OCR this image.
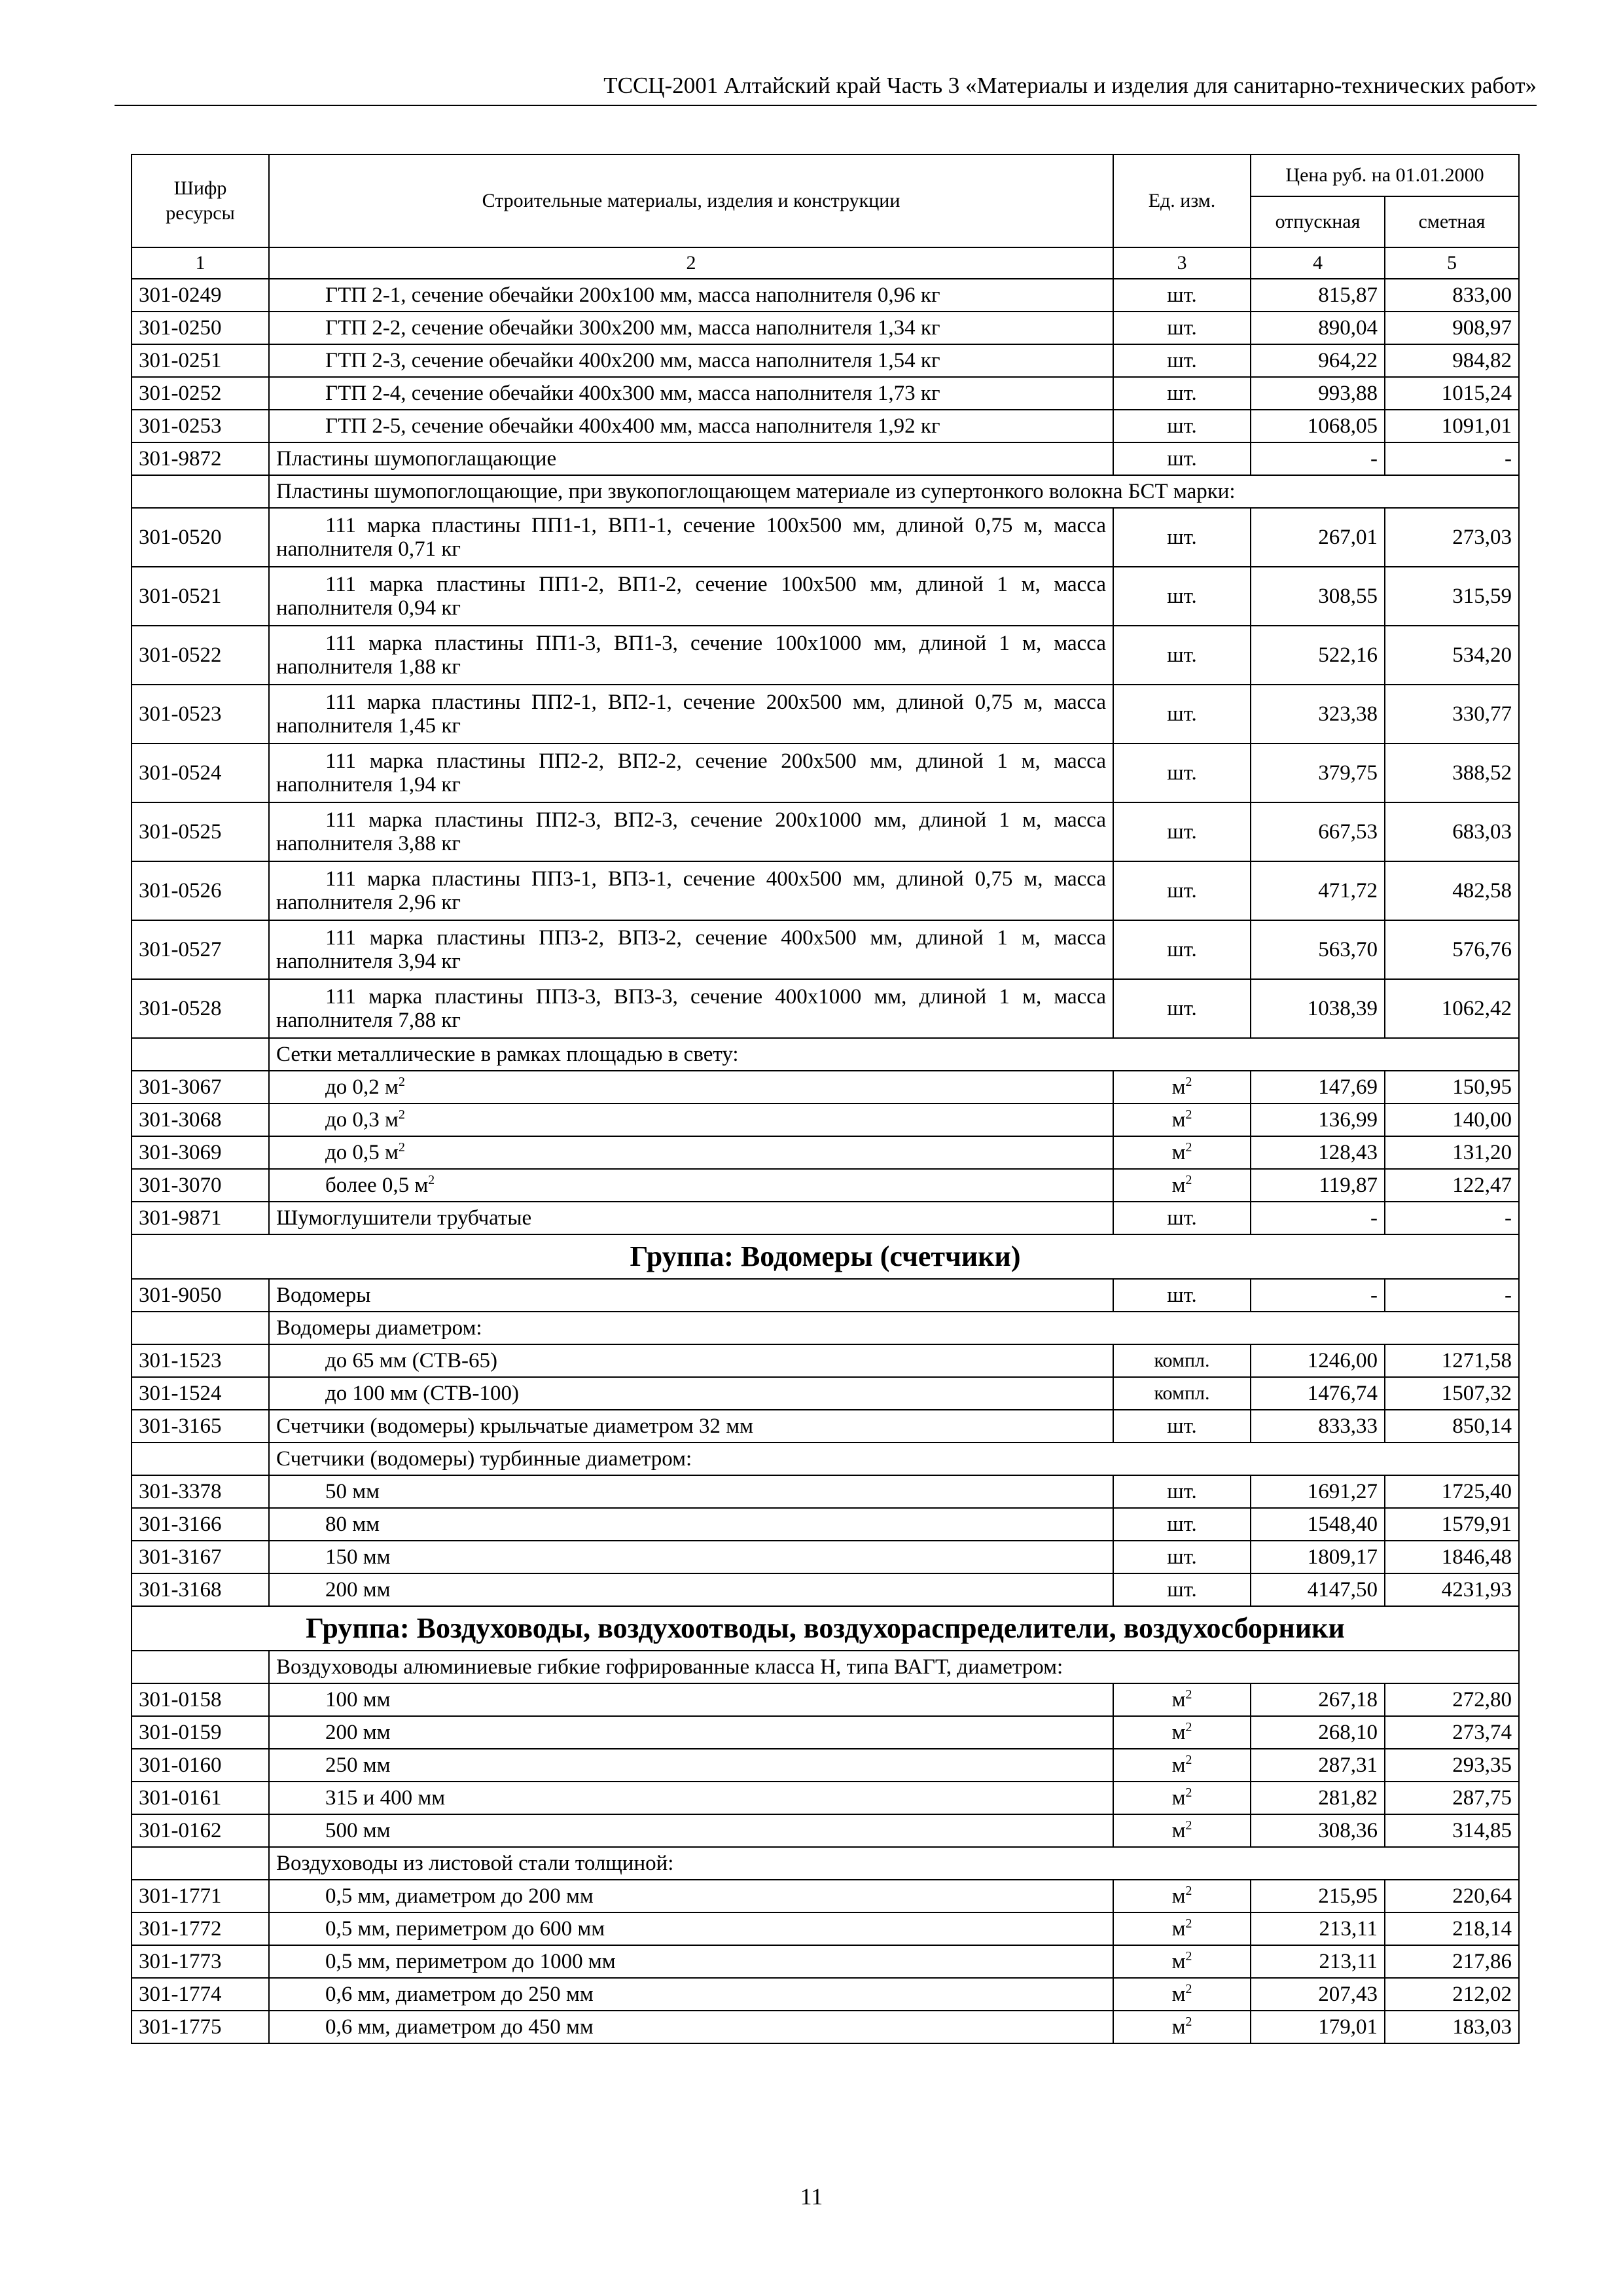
ТССЦ-2001 Алтайский край Часть 3 «Материалы и изделия для санитарно-технических работ»
Шифр ресурсы	Строительные материалы, изделия и конструкции	Ед. изм.	Цена руб. на 01.01.2000	
			отпускная	сметная
1	2	3	4	5
301-0249	ГТП 2-1, сечение обечайки 200х100 мм, масса наполнителя 0,96 кг	шт.	815,87	833,00
301-0250	ГТП 2-2, сечение обечайки 300х200 мм, масса наполнителя 1,34 кг	шт.	890,04	908,97
301-0251	ГТП 2-3, сечение обечайки 400х200 мм, масса наполнителя 1,54 кг	шт.	964,22	984,82
301-0252	ГТП 2-4, сечение обечайки 400х300 мм, масса наполнителя 1,73 кг	шт.	993,88	1015,24
301-0253	ГТП 2-5, сечение обечайки 400х400 мм, масса наполнителя 1,92 кг	шт.	1068,05	1091,01
301-9872	Пластины шумопоглащающие	шт.	-	-
	Пластины шумопоглощающие, при звукопоглощающем материале из супертонкого волокна БСТ марки:			
301-0520	111 марка пластины ПП1-1, ВП1-1, сечение 100х500 мм, длиной 0,75 м, масса наполнителя 0,71 кг	шт.	267,01	273,03
301-0521	111 марка пластины ПП1-2, ВП1-2, сечение 100х500 мм, длиной 1 м, масса наполнителя 0,94 кг	шт.	308,55	315,59
301-0522	111 марка пластины ПП1-3, ВП1-3, сечение 100х1000 мм, длиной 1 м, масса наполнителя 1,88 кг	шт.	522,16	534,20
301-0523	111 марка пластины ПП2-1, ВП2-1, сечение 200х500 мм, длиной 0,75 м, масса наполнителя 1,45 кг	шт.	323,38	330,77
301-0524	111 марка пластины ПП2-2, ВП2-2, сечение 200х500 мм, длиной 1 м, масса наполнителя 1,94 кг	шт.	379,75	388,52
301-0525	111 марка пластины ПП2-3, ВП2-3, сечение 200х1000 мм, длиной 1 м, масса наполнителя 3,88 кг	шт.	667,53	683,03
301-0526	111 марка пластины ПП3-1, ВП3-1, сечение 400х500 мм, длиной 0,75 м, масса наполнителя 2,96 кг	шт.	471,72	482,58
301-0527	111 марка пластины ПП3-2, ВП3-2, сечение 400х500 мм, длиной 1 м, масса наполнителя 3,94 кг	шт.	563,70	576,76
301-0528	111 марка пластины ПП3-3, ВП3-3, сечение 400х1000 мм, длиной 1 м, масса наполнителя 7,88 кг	шт.	1038,39	1062,42
	Сетки металлические в рамках площадью в свету:			
301-3067	до 0,2 $м^2$	$м^2$	147,69	150,95
301-3068	до 0,3 $м^2$	$м^2$	136,99	140,00
301-3069	до 0,5 $м^2$	$м^2$	128,43	131,20
301-3070	более 0,5 $м^2$	$м^2$	119,87	122,47
301-9871	Шумоглушители трубчатые	шт.	-	-
Группа: Водомеры (счетчики)				
301-9050	Водомеры	шт.	-	-
	Водомеры диаметром:			
301-1523	до 65 мм (СТВ-65)	компл.	1246,00	1271,58
301-1524	до 100 мм (СТВ-100)	компл.	1476,74	1507,32
301-3165	Счетчики (водомеры) крыльчатые диаметром 32 мм	шт.	833,33	850,14
	Счетчики (водомеры) турбинные диаметром:			
301-3378	50 мм	шт.	1691,27	1725,40
301-3166	80 мм	шт.	1548,40	1579,91
301-3167	150 мм	шт.	1809,17	1846,48
301-3168	200 мм	шт.	4147,50	4231,93
Группа: Воздуховоды, воздухоотводы, воздухораспределители, воздухосборники				
	Воздуховоды алюминиевые гибкие гофрированные класса Н, типа ВАГТ, диаметром:			
301-0158	100 мм	$м^2$	267,18	272,80
301-0159	200 мм	$м^2$	268,10	273,74
301-0160	250 мм	$м^2$	287,31	293,35
301-0161	315 и 400 мм	$м^2$	281,82	287,75
301-0162	500 мм	$м^2$	308,36	314,85
	Воздуховоды из листовой стали толщиной:			
301-1771	0,5 мм, диаметром до 200 мм	$м^2$	215,95	220,64
301-1772	0,5 мм, периметром до 600 мм	$м^2$	213,11	218,14
301-1773	0,5 мм, периметром до 1000 мм	$м^2$	213,11	217,86
301-1774	0,6 мм, диаметром до 250 мм	$м^2$	207,43	212,02
301-1775	0,6 мм, диаметром до 450 мм	$м^2$	179,01	183,03
11
